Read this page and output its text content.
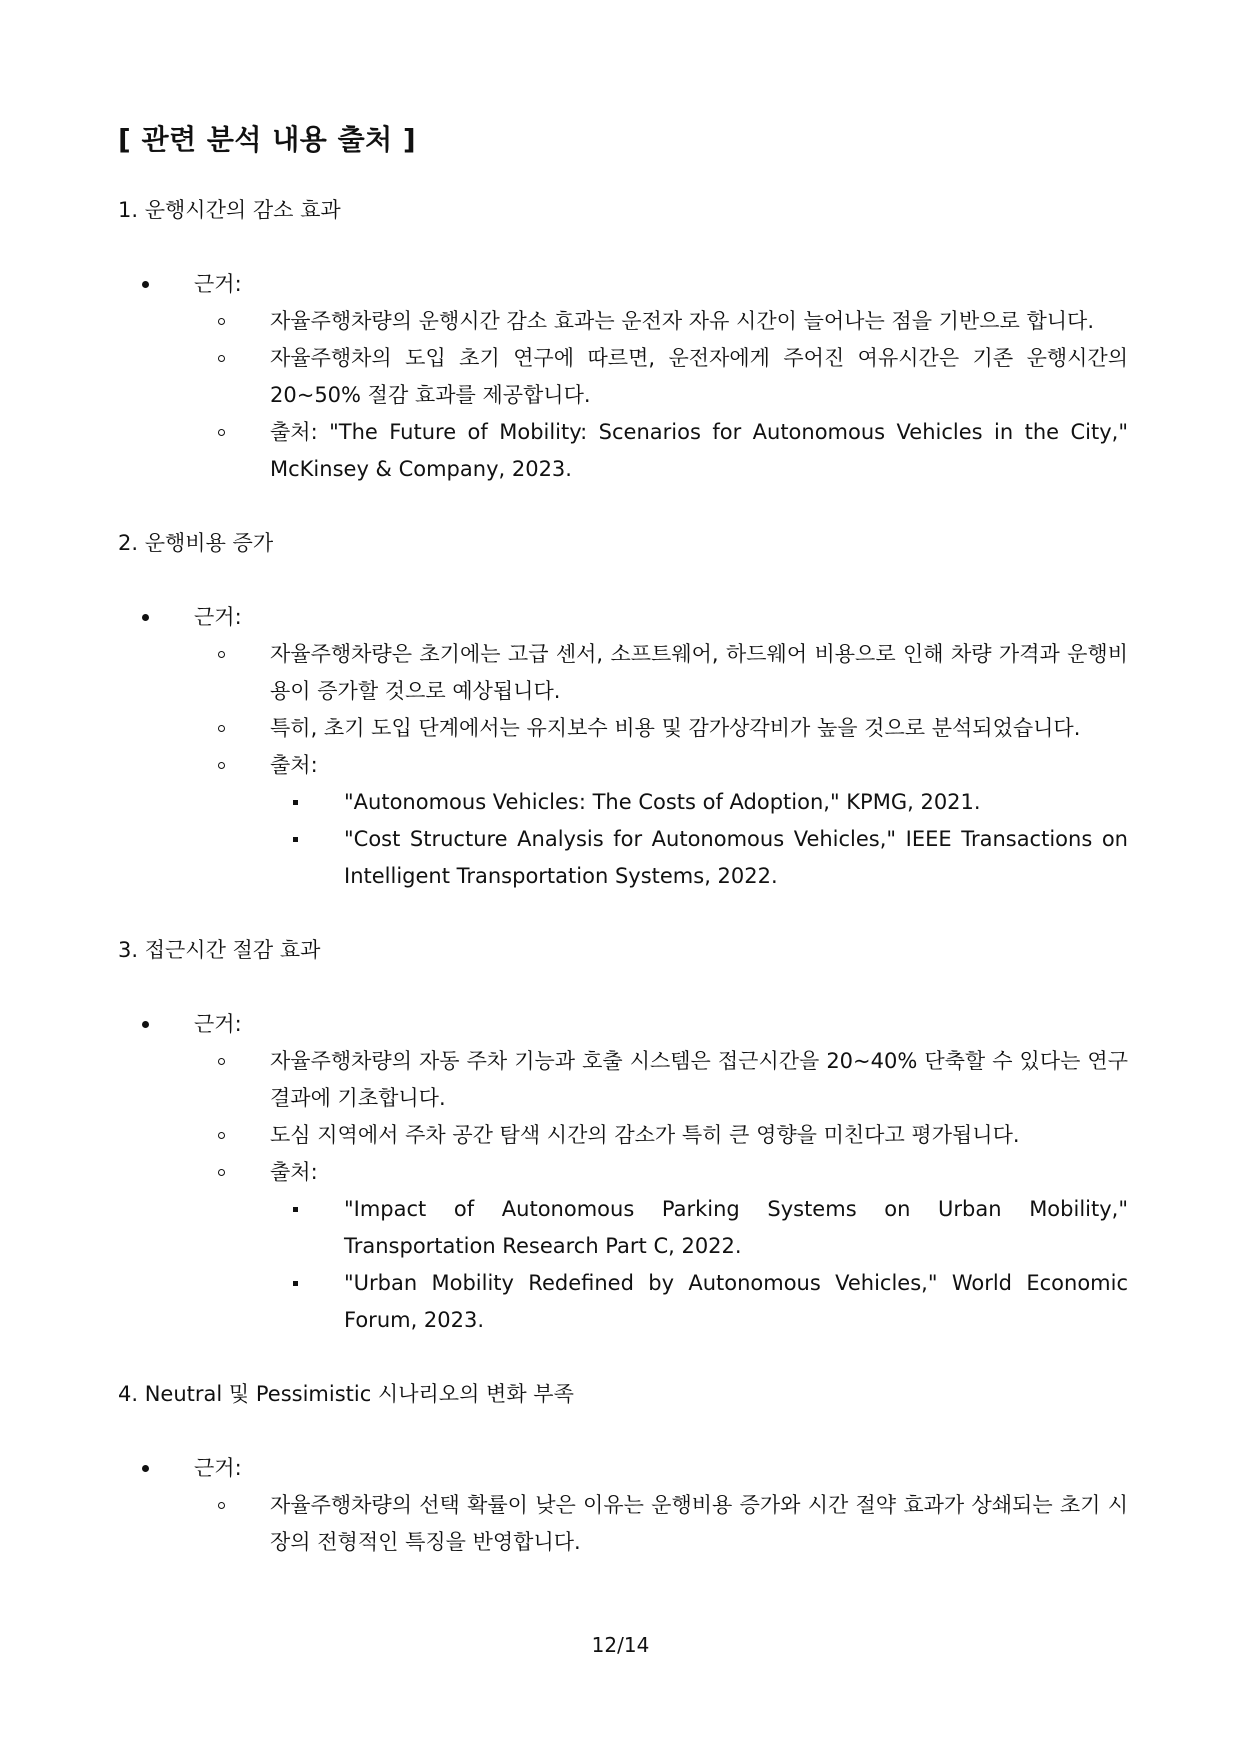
[ 관련 분석 내용 출처 ]
1. 운행시간의 감소 효과
근거:
자율주행차량의 운행시간 감소 효과는 운전자 자유 시간이 늘어나는 점을 기반으로 합니다.
자율주행차의 도입 초기 연구에 따르면, 운전자에게 주어진 여유시간은 기존 운행시간의 20~50% 절감 효과를 제공합니다.
출처: "The Future of Mobility: Scenarios for Autonomous Vehicles in the City," McKinsey & Company, 2023.
2. 운행비용 증가
근거:
자율주행차량은 초기에는 고급 센서, 소프트웨어, 하드웨어 비용으로 인해 차량 가격과 운행비용이 증가할 것으로 예상됩니다.
특히, 초기 도입 단계에서는 유지보수 비용 및 감가상각비가 높을 것으로 분석되었습니다.
출처:
"Autonomous Vehicles: The Costs of Adoption," KPMG, 2021.
"Cost Structure Analysis for Autonomous Vehicles," IEEE Transactions on Intelligent Transportation Systems, 2022.
3. 접근시간 절감 효과
근거:
자율주행차량의 자동 주차 기능과 호출 시스템은 접근시간을 20~40% 단축할 수 있다는 연구 결과에 기초합니다.
도심 지역에서 주차 공간 탐색 시간의 감소가 특히 큰 영향을 미친다고 평가됩니다.
출처:
"Impact of Autonomous Parking Systems on Urban Mobility," Transportation Research Part C, 2022.
"Urban Mobility Redefined by Autonomous Vehicles," World Economic Forum, 2023.
4. Neutral 및 Pessimistic 시나리오의 변화 부족
근거:
자율주행차량의 선택 확률이 낮은 이유는 운행비용 증가와 시간 절약 효과가 상쇄되는 초기 시장의 전형적인 특징을 반영합니다.
12/14
